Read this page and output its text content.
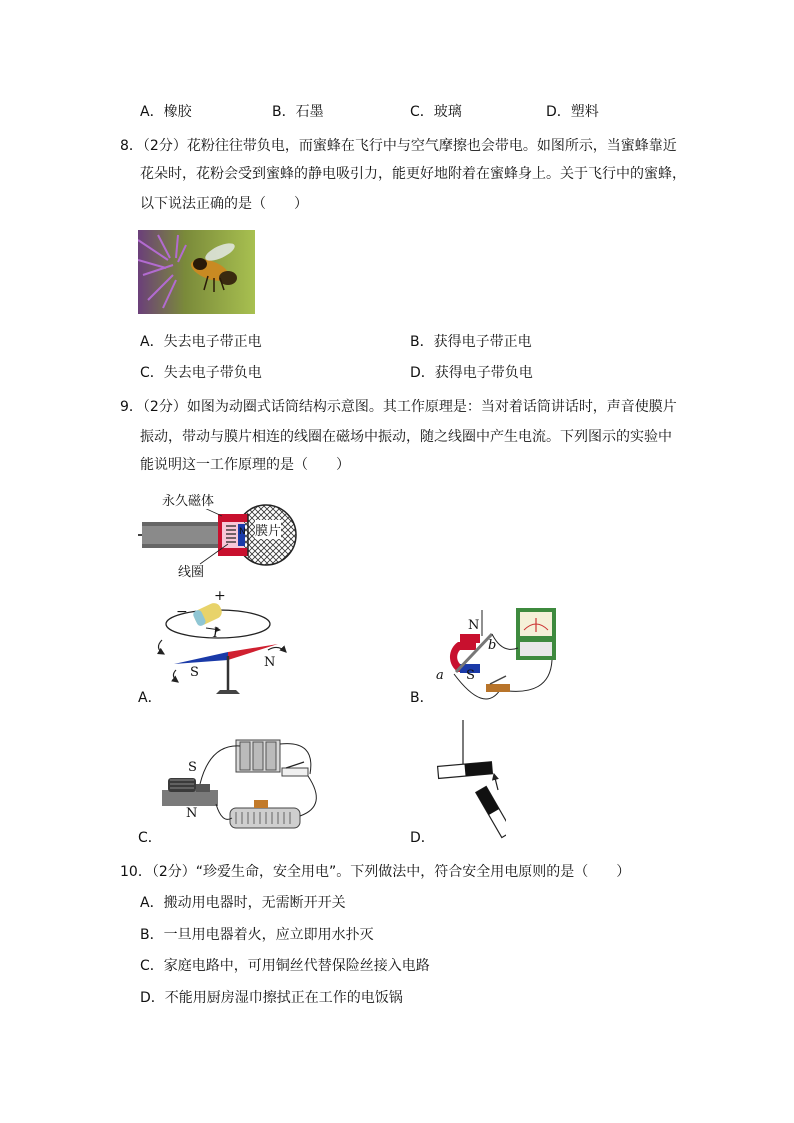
A．橡胶	B．石墨	C．玻璃	D．塑料
8．（2分）花粉往往带负电，而蜜蜂在飞行中与空气摩擦也会带电。如图所示，当蜜蜂靠近
花朵时，花粉会受到蜜蜂的静电吸引力，能更好地附着在蜜蜂身上。关于飞行中的蜜蜂，
以下说法正确的是（　　）
A．失去电子带正电	B．获得电子带正电
C．失去电子带负电	D．获得电子带负电
9．（2分）如图为动圈式话筒结构示意图。其工作原理是：当对着话筒讲话时，声音使膜片
振动，带动与膜片相连的线圈在磁场中振动，随之线圈中产生电流。下列图示的实验中
能说明这一工作原理的是（　　）
永久磁体
膜片
N
线圈
+
−
I
S
N
A．
N
S
a
b
B．
S
N
C．	D．
10．（2分）“珍爱生命，安全用电”。下列做法中，符合安全用电原则的是（　　）
A．搬动用电器时，无需断开开关
B．一旦用电器着火，应立即用水扑灭
C．家庭电路中，可用铜丝代替保险丝接入电路
D．不能用厨房湿巾擦拭正在工作的电饭锅
